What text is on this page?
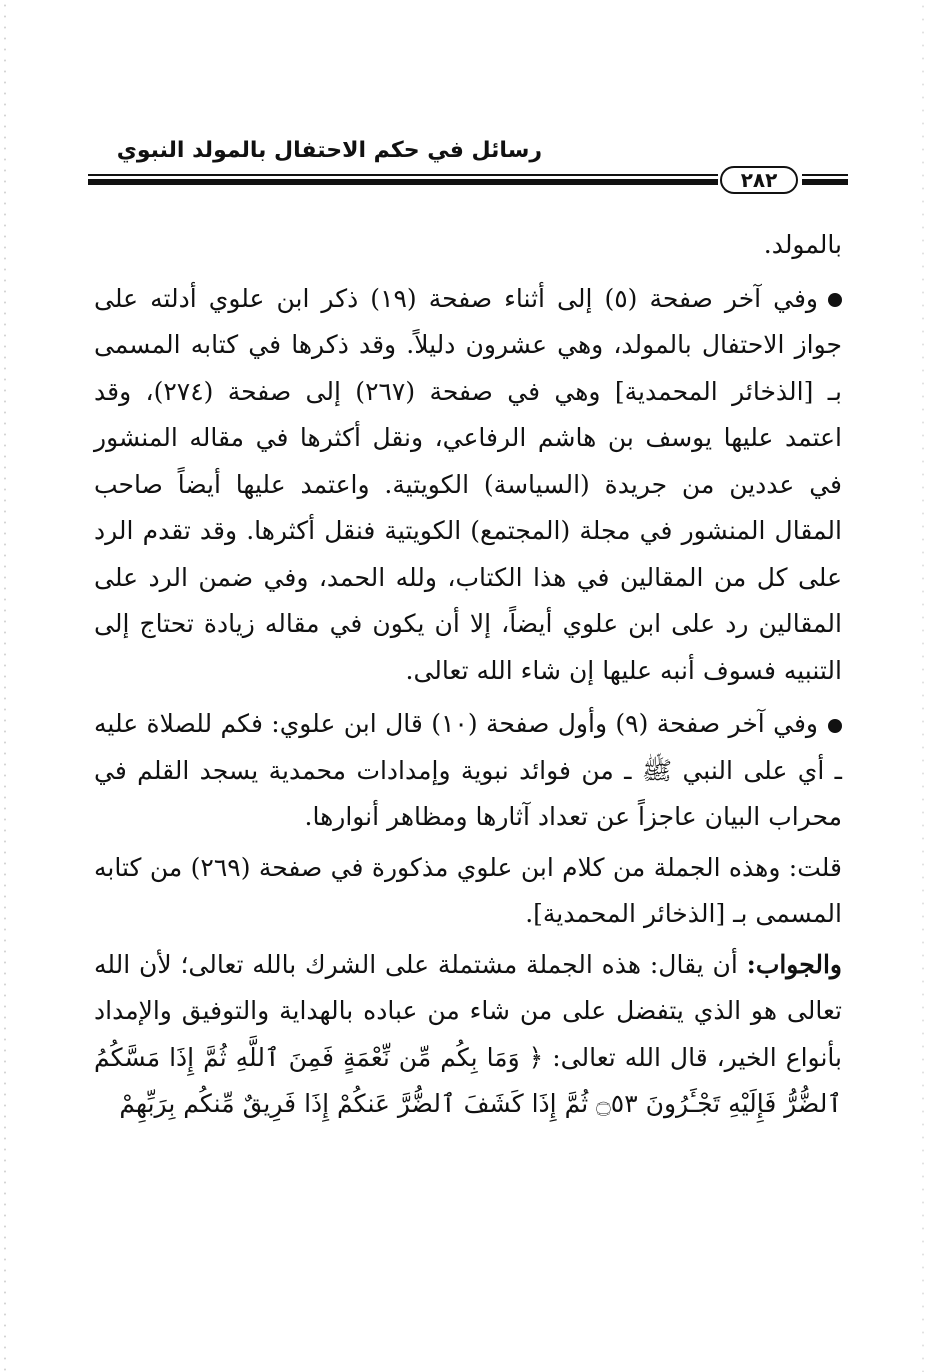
رسائل في حكم الاحتفال بالمولد النبوي
٢٨٢

بالمولد.

وفي آخر صفحة (٥) إلى أثناء صفحة (١٩) ذكر ابن علوي أدلته على جواز الاحتفال بالمولد، وهي عشرون دليلاً. وقد ذكرها في كتابه المسمى بـ [الذخائر المحمدية] وهي في صفحة (٢٦٧) إلى صفحة (٢٧٤)، وقد اعتمد عليها يوسف بن هاشم الرفاعي، ونقل أكثرها في مقاله المنشور في عددين من جريدة (السياسة) الكويتية. واعتمد عليها أيضاً صاحب المقال المنشور في مجلة (المجتمع) الكويتية فنقل أكثرها. وقد تقدم الرد على كل من المقالين في هذا الكتاب، ولله الحمد، وفي ضمن الرد على المقالين رد على ابن علوي أيضاً، إلا أن يكون في مقاله زيادة تحتاج إلى التنبيه فسوف أنبه عليها إن شاء الله تعالى.

وفي آخر صفحة (٩) وأول صفحة (١٠) قال ابن علوي: فكم للصلاة عليه ـ أي على النبي ﷺ ـ من فوائد نبوية وإمدادات محمدية يسجد القلم في محراب البيان عاجزاً عن تعداد آثارها ومظاهر أنوارها.

قلت: وهذه الجملة من كلام ابن علوي مذكورة في صفحة (٢٦٩) من كتابه المسمى بـ [الذخائر المحمدية].

والجواب: أن يقال: هذه الجملة مشتملة على الشرك بالله تعالى؛ لأن الله تعالى هو الذي يتفضل على من شاء من عباده بالهداية والتوفيق والإمداد بأنواع الخير، قال الله تعالى: ﴿ وَمَا بِكُم مِّن نِّعْمَةٍ فَمِنَ ٱللَّهِ ثُمَّ إِذَا مَسَّكُمُ ٱلضُّرُّ فَإِلَيْهِ تَجْـَٔرُونَ ۝٥٣ ثُمَّ إِذَا كَشَفَ ٱلضُّرَّ عَنكُمْ إِذَا فَرِيقٌ مِّنكُم بِرَبِّهِمْ
